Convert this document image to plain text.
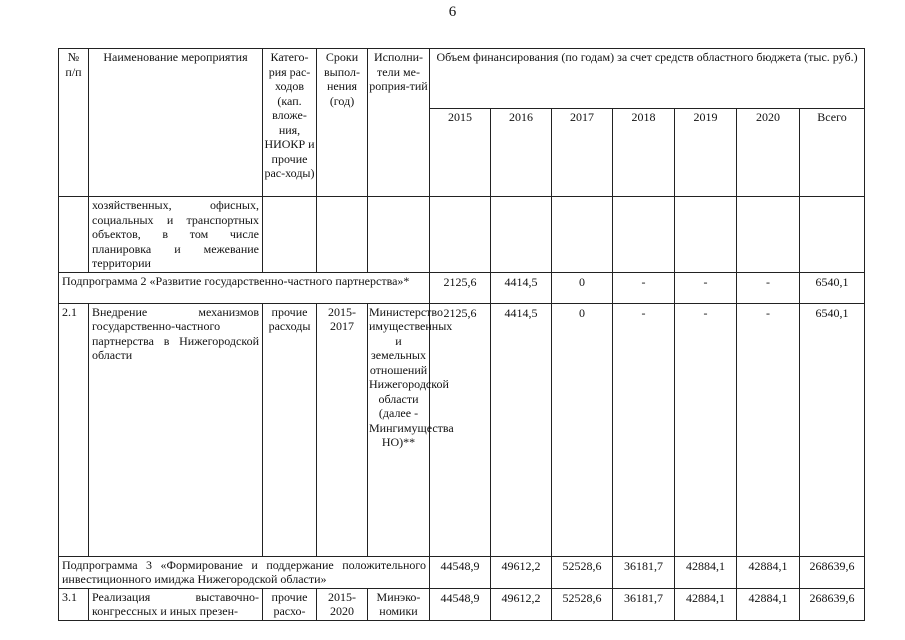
6
№ п/п	Наименование мероприятия	Катего-рия рас-ходов (кап. вложе-ния, НИОКР и прочие рас-ходы)	Сроки выпол-нения (год)	Исполни-тели ме-роприя-тий	Объем финансирования (по годам) за счет средств областного бюджета (тыс. руб.)						
					2015	2016	2017	2018	2019	2020	Всего
	хозяйственных, офисных, социальных и транспортных объектов, в том числе планировка и межевание территории										
Подпрограмма 2 «Развитие государственно-частного партнерства»*					2125,6	4414,5	0	-	-	-	6540,1
2.1	Внедрение механизмов государственно-частного партнерства в Нижегородской области	прочие расходы	2015-2017	Министерство имущественных и земельных отношений Нижегородской области (далее - Мингимущества НО)**	2125,6	4414,5	0	-	-	-	6540,1
Подпрограмма 3 «Формирование и поддержание положительного инвестиционного имиджа Нижегородской области»					44548,9	49612,2	52528,6	36181,7	42884,1	42884,1	268639,6
3.1	Реализация выставочно-конгрессных и иных презен-	прочие расхо-	2015-2020	Минэко-номики	44548,9	49612,2	52528,6	36181,7	42884,1	42884,1	268639,6
